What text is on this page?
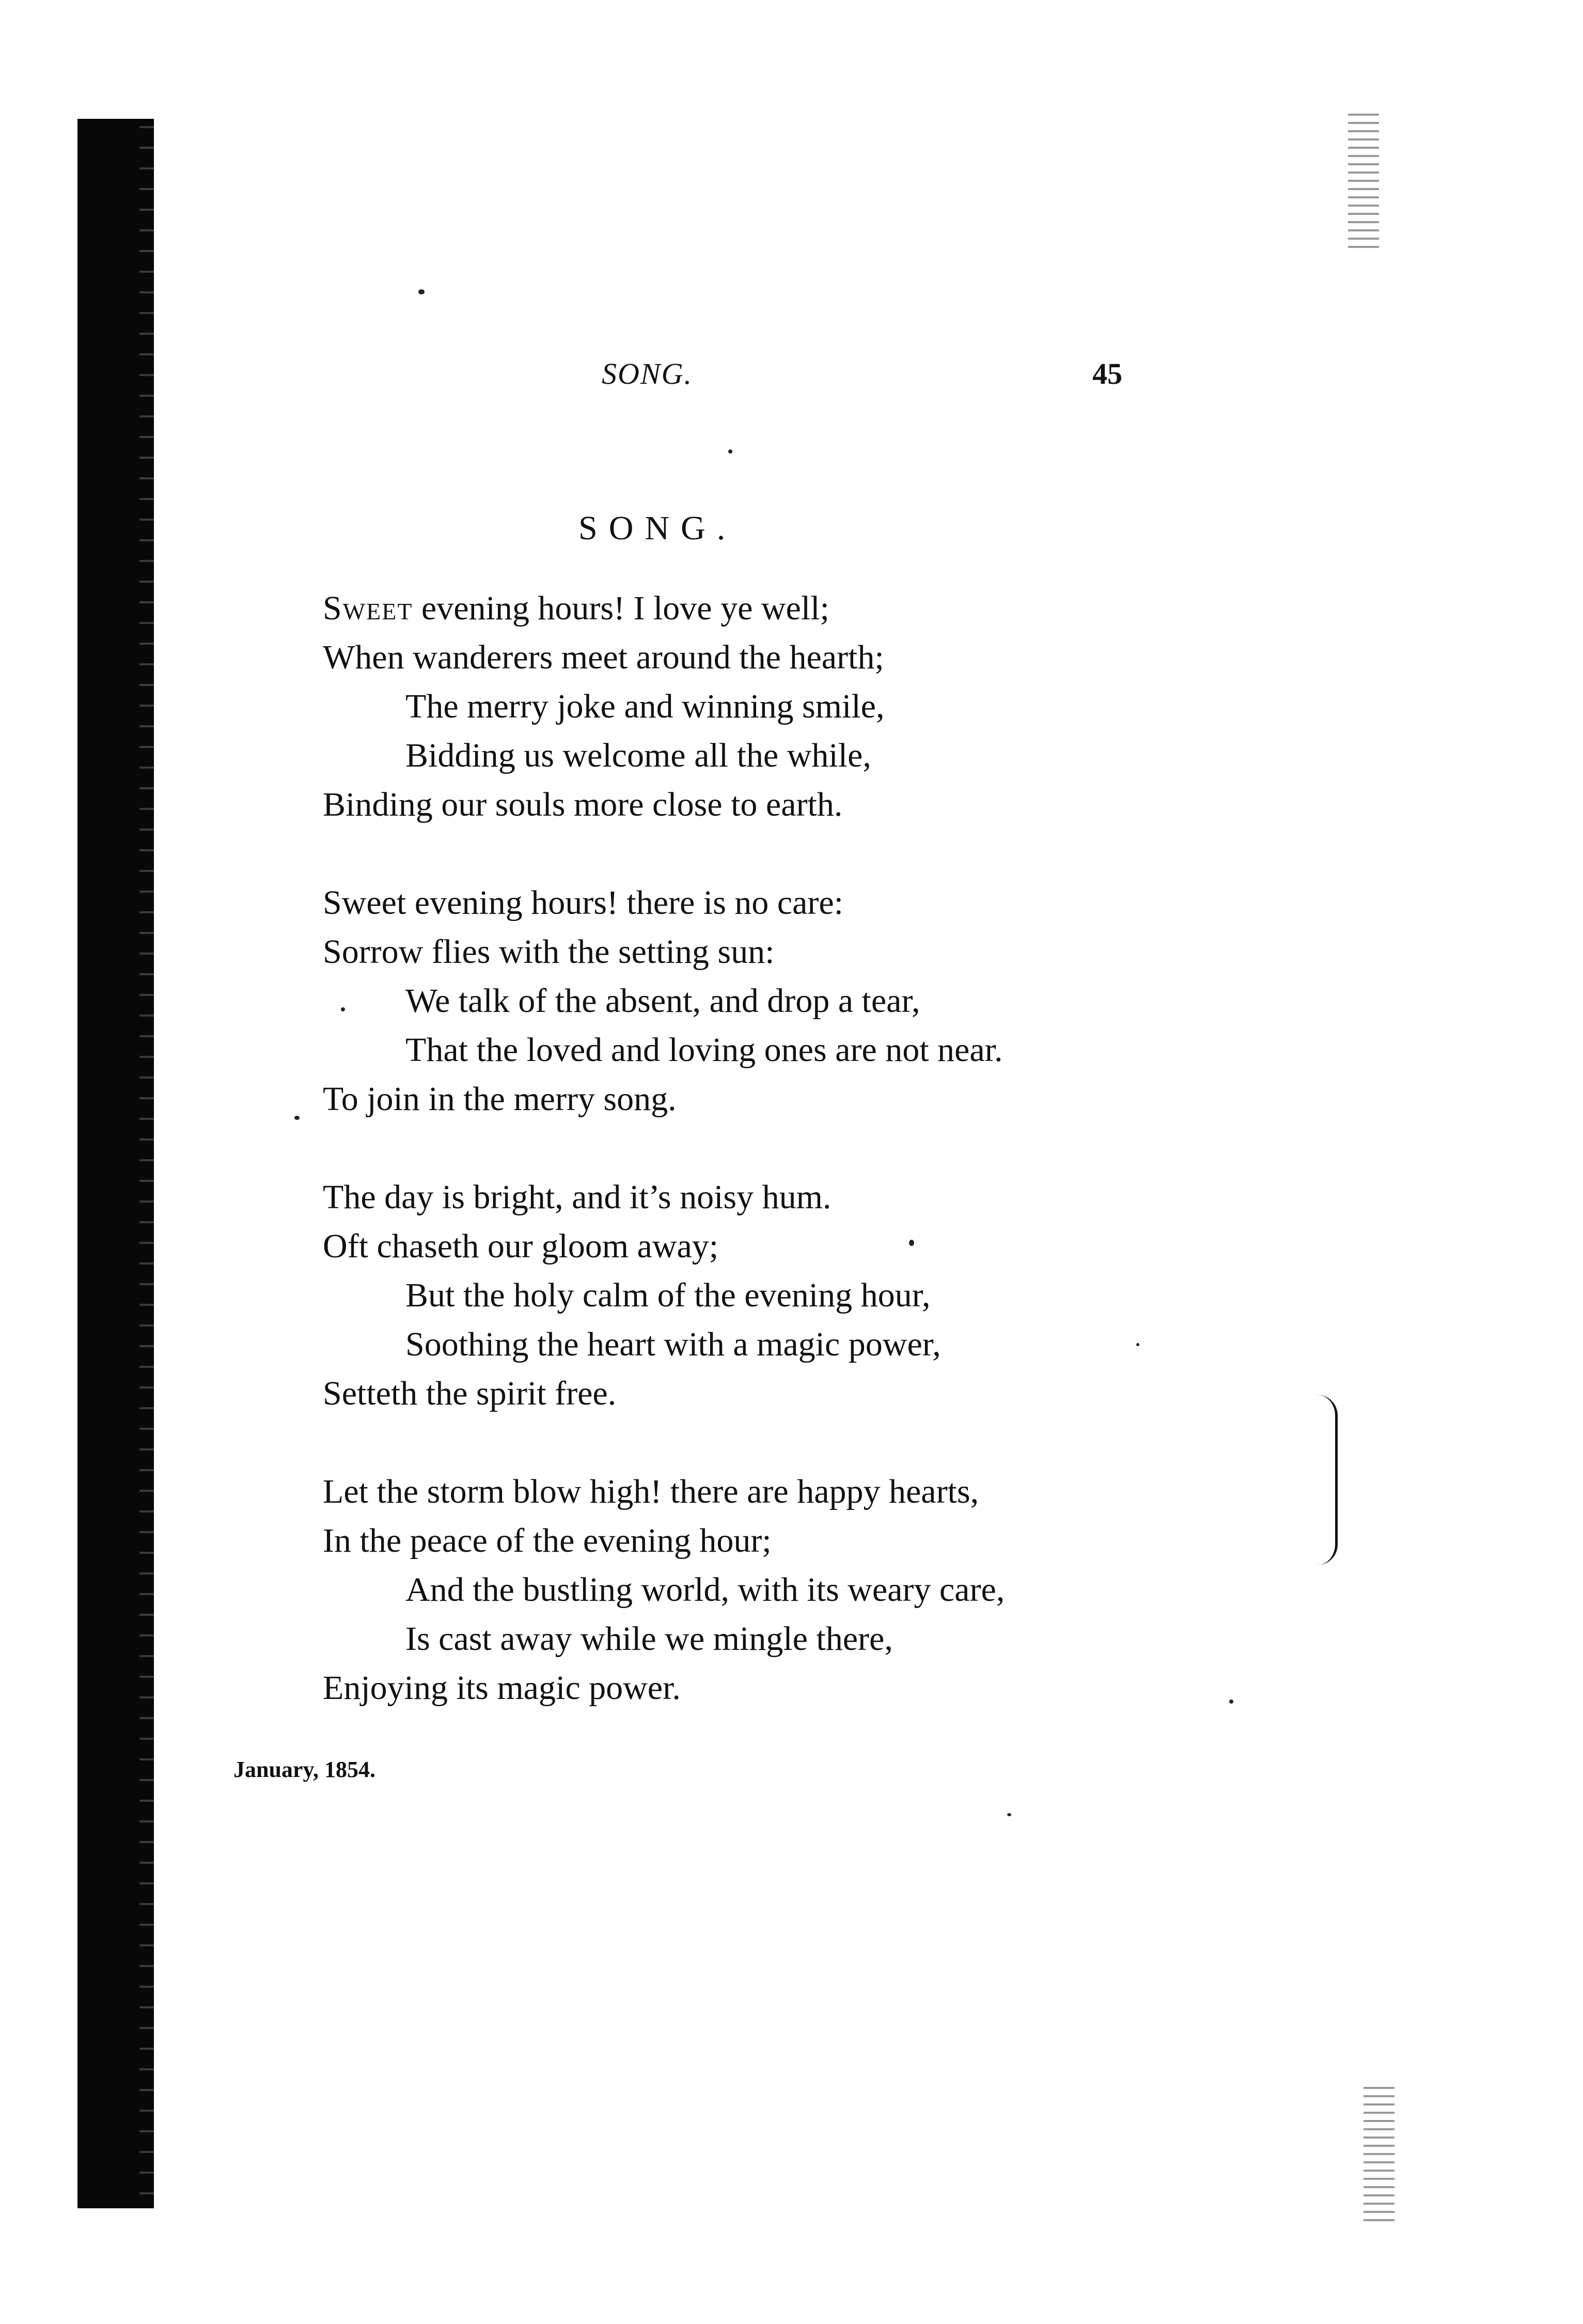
SONG.	45
SONG.
Sweet evening hours! I love ye well;
When wanderers meet around the hearth;
The merry joke and winning smile,
Bidding us welcome all the while,
Binding our souls more close to earth.
Sweet evening hours! there is no care:
Sorrow flies with the setting sun:
We talk of the absent, and drop a tear,
That the loved and loving ones are not near.
To join in the merry song.
The day is bright, and it’s noisy hum.
Oft chaseth our gloom away;
But the holy calm of the evening hour,
Soothing the heart with a magic power,
Setteth the spirit free.
Let the storm blow high! there are happy hearts,
In the peace of the evening hour;
And the bustling world, with its weary care,
Is cast away while we mingle there,
Enjoying its magic power.
January, 1854.
